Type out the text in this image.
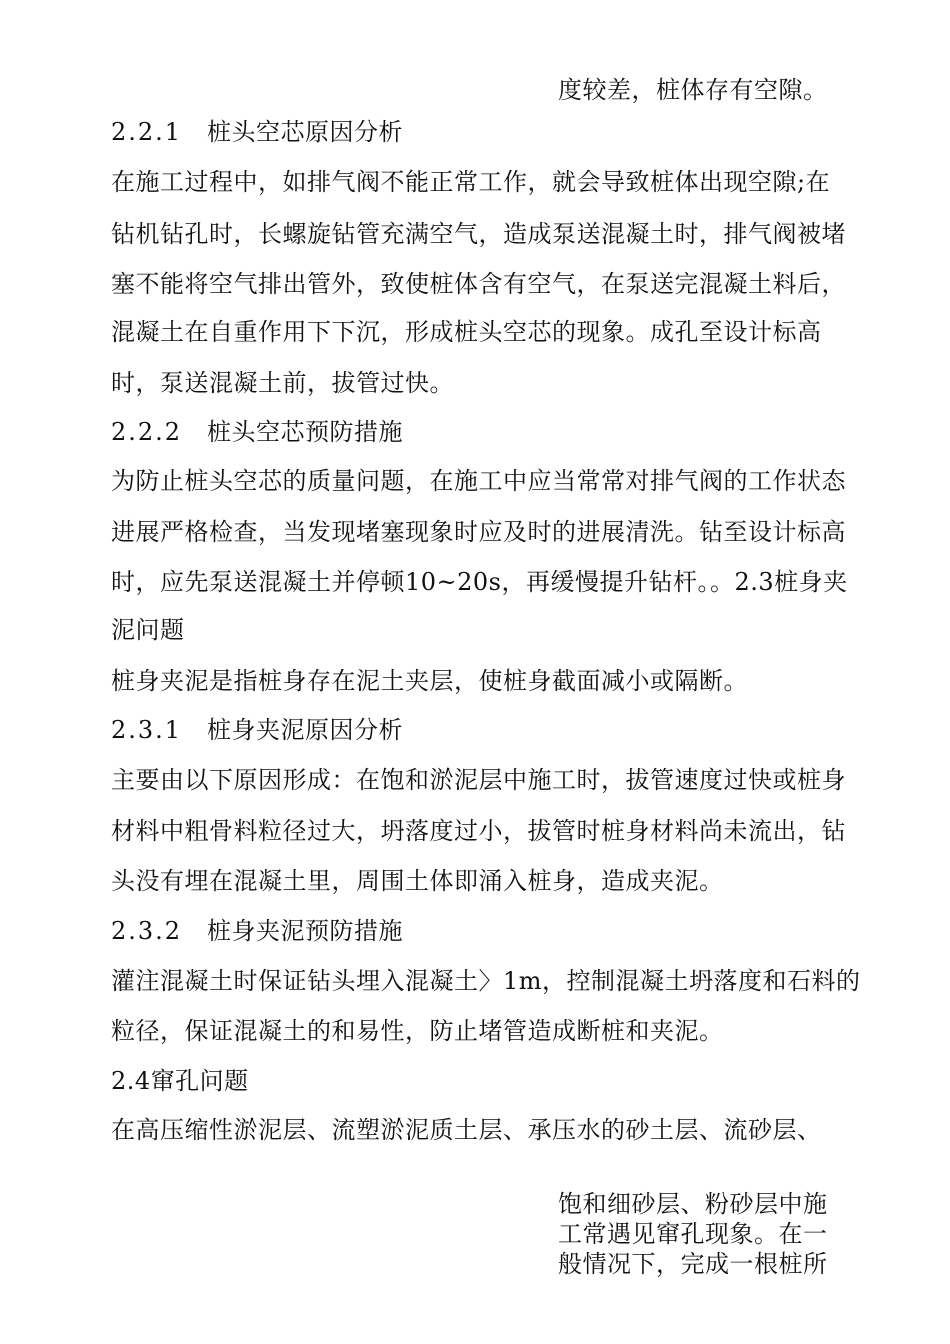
度较差，桩体存有空隙。
2.2.1 桩头空芯原因分析
在施工过程中，如排气阀不能正常工作，就会导致桩体出现空隙;在
钻机钻孔时，长螺旋钻管充满空气，造成泵送混凝土时，排气阀被堵
塞不能将空气排出管外，致使桩体含有空气，在泵送完混凝土料后，
混凝土在自重作用下下沉，形成桩头空芯的现象。成孔至设计标高
时，泵送混凝土前，拔管过快。
2.2.2 桩头空芯预防措施
为防止桩头空芯的质量问题，在施工中应当常常对排气阀的工作状态
进展严格检查，当发现堵塞现象时应及时的进展清洗。钻至设计标高
时，应先泵送混凝土并停顿10~20s，再缓慢提升钻杆。。2.3桩身夹
泥问题
桩身夹泥是指桩身存在泥土夹层，使桩身截面减小或隔断。
2.3.1 桩身夹泥原因分析
主要由以下原因形成：在饱和淤泥层中施工时，拔管速度过快或桩身
材料中粗骨料粒径过大，坍落度过小，拔管时桩身材料尚未流出，钻
头没有埋在混凝土里，周围土体即涌入桩身，造成夹泥。
2.3.2 桩身夹泥预防措施
灌注混凝土时保证钻头埋入混凝土〉1m，控制混凝土坍落度和石料的
粒径，保证混凝土的和易性，防止堵管造成断桩和夹泥。
2.4窜孔问题
在高压缩性淤泥层、流塑淤泥质土层、承压水的砂土层、流砂层、
饱和细砂层、粉砂层中施
工常遇见窜孔现象。在一
般情况下，完成一根桩所
